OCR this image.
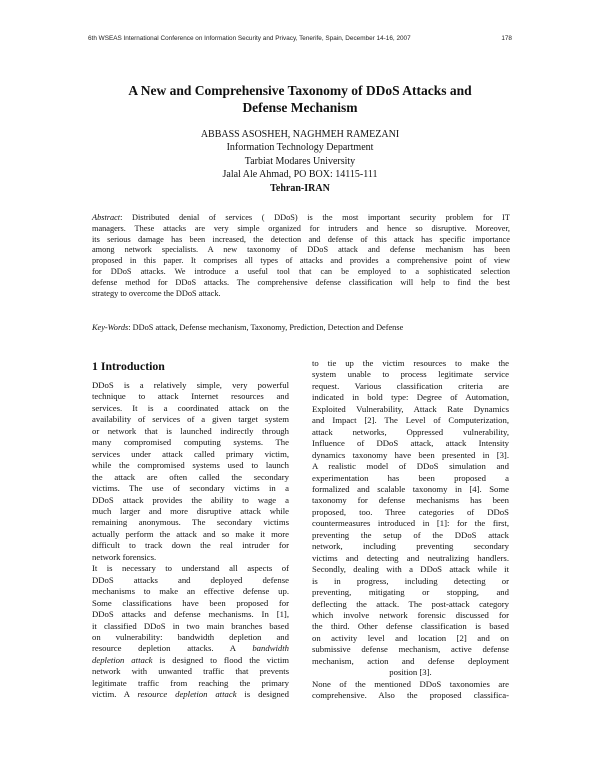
6th WSEAS International Conference on Information Security and Privacy, Tenerife, Spain, December 14-16, 2007	178
A New and Comprehensive Taxonomy of DDoS Attacks and
Defense Mechanism
ABBASS ASOSHEH, NAGHMEH RAMEZANI
Information Technology Department
Tarbiat Modares University
Jalal Ale Ahmad, PO BOX: 14115-111
Tehran-IRAN
Abstract: Distributed denial of services ( DDoS) is the most important security problem for IT
managers. These attacks are very simple organized for intruders and hence so disruptive. Moreover,
its serious damage has been increased, the detection and defense of this attack has specific importance
among network specialists. A new taxonomy of DDoS attack and defense mechanism has been
proposed in this paper. It comprises all types of attacks and provides a comprehensive point of view
for DDoS attacks. We introduce a useful tool that can be employed to a sophisticated selection
defense method for DDoS attacks. The comprehensive defense classification will help to find the best
strategy to overcome the DDoS attack.
Key-Words: DDoS attack, Defense mechanism, Taxonomy, Prediction, Detection and Defense
1 Introduction
DDoS is a relatively simple, very powerful
technique to attack Internet resources and
services. It is a coordinated attack on the
availability of services of a given target system
or network that is launched indirectly through
many compromised computing systems. The
services under attack called primary victim,
while the compromised systems used to launch
the attack are often called the secondary
victims. The use of secondary victims in a
DDoS attack provides the ability to wage a
much larger and more disruptive attack while
remaining anonymous. The secondary victims
actually perform the attack and so make it more
difficult to track down the real intruder for
network forensics.
It is necessary to understand all aspects of
DDoS attacks and deployed defense
mechanisms to make an effective defense up.
Some classifications have been proposed for
DDoS attacks and defense mechanisms. In [1],
it classified DDoS in two main branches based
on vulnerability: bandwidth depletion and
resource depletion attacks. A bandwidth
depletion attack is designed to flood the victim
network with unwanted traffic that prevents
legitimate traffic from reaching the primary
victim. A resource depletion attack is designed
to tie up the victim resources to make the
system unable to process legitimate service
request. Various classification criteria are
indicated in bold type: Degree of Automation,
Exploited Vulnerability, Attack Rate Dynamics
and Impact [2]. The Level of Computerization,
attack networks, Oppressed vulnerability,
Influence of DDoS attack, attack Intensity
dynamics taxonomy have been presented in [3].
A realistic model of DDoS simulation and
experimentation has been proposed a
formalized and scalable taxonomy in [4]. Some
taxonomy for defense mechanisms has been
proposed, too. Three categories of DDoS
countermeasures introduced in [1]: for the first,
preventing the setup of the DDoS attack
network, including preventing secondary
victims and detecting and neutralizing handlers.
Secondly, dealing with a DDoS attack while it
is in progress, including detecting or
preventing, mitigating or stopping, and
deflecting the attack. The post-attack category
which involve network forensic discussed for
the third. Other defense classification is based
on activity level and location [2] and on
submissive defense mechanism, active defense
mechanism, action and defense deployment
position [3].
None of the mentioned DDoS taxonomies are
comprehensive. Also the proposed classifica-
